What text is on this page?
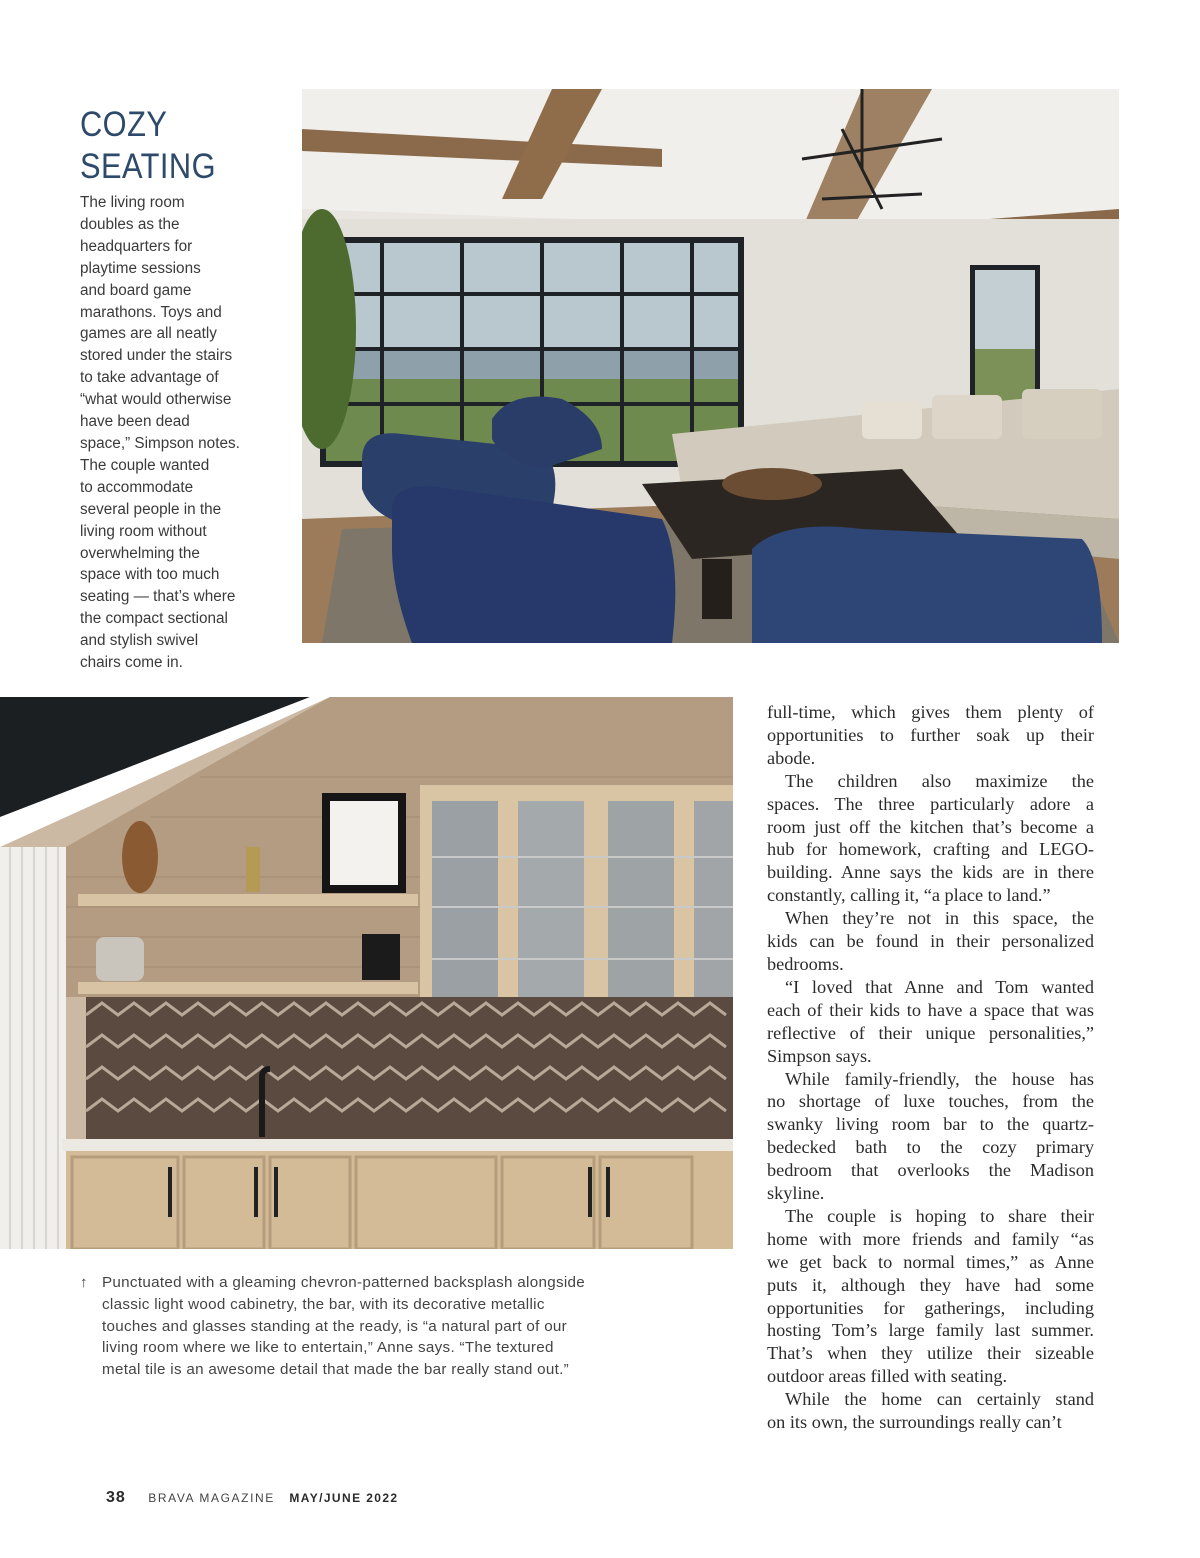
COZY
SEATING
The living room
doubles as the
headquarters for
playtime sessions
and board game
marathons. Toys and
games are all neatly
stored under the stairs
to take advantage of
“what would otherwise
have been dead
space,” Simpson notes.
The couple wanted
to accommodate
several people in the
living room without
overwhelming the
space with too much
seating — that’s where
the compact sectional
and stylish swivel
chairs come in.
↑ Punctuated with a gleaming chevron-patterned backsplash alongside
classic light wood cabinetry, the bar, with its decorative metallic
touches and glasses standing at the ready, is “a natural part of our
living room where we like to entertain,” Anne says. “The textured
metal tile is an awesome detail that made the bar really stand out.”
full-time, which gives them plenty of
opportunities to further soak up their
abode.
The children also maximize the
spaces. The three particularly adore a
room just off the kitchen that’s become a
hub for homework, crafting and LEGO-
building. Anne says the kids are in there
constantly, calling it, “a place to land.”
When they’re not in this space, the
kids can be found in their personalized
bedrooms.
“I loved that Anne and Tom wanted
each of their kids to have a space that was
reflective of their unique personalities,”
Simpson says.
While family-friendly, the house has
no shortage of luxe touches, from the
swanky living room bar to the quartz-
bedecked bath to the cozy primary
bedroom that overlooks the Madison
skyline.
The couple is hoping to share their
home with more friends and family “as
we get back to normal times,” as Anne
puts it, although they have had some
opportunities for gatherings, including
hosting Tom’s large family last summer.
That’s when they utilize their sizeable
outdoor areas filled with seating.
While the home can certainly stand
on its own, the surroundings really can’t
38 BRAVA MAGAZINE MAY/JUNE 2022
